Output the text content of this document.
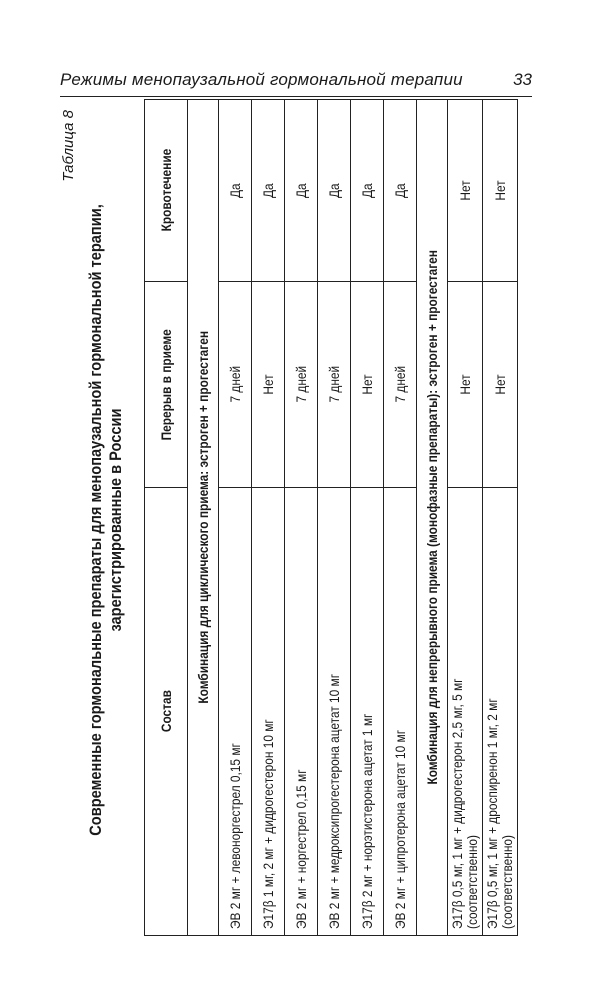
Режимы менопаузальной гормональной терапии	33
Таблица 8
Современные гормональные препараты для менопаузальной гормональной терапии, зарегистрированные в России
Состав	Перерыв в приеме	Кровотечение
Комбинация для циклического приема: эстроген + прогестаген		
ЭВ 2 мг + левоноргестрел 0,15 мг	7 дней	Да
Э17β 1 мг, 2 мг + дидрогестерон 10 мг	Нет	Да
ЭВ 2 мг + норгестрел 0,15 мг	7 дней	Да
ЭВ 2 мг + медроксипрогестерона ацетат 10 мг	7 дней	Да
Э17β 2 мг + норэтистерона ацетат 1 мг	Нет	Да
ЭВ 2 мг + ципротерона ацетат 10 мг	7 дней	Да
Комбинация для непрерывного приема (монофазные препараты): эстроген + прогестаген		
Э17β 0,5 мг, 1 мг + дидрогестерон 2,5 мг, 5 мг
(соответственно)	Нет	Нет
Э17β 0,5 мг, 1 мг + дроспиренон 1 мг, 2 мг
(соответственно)	Нет	Нет
